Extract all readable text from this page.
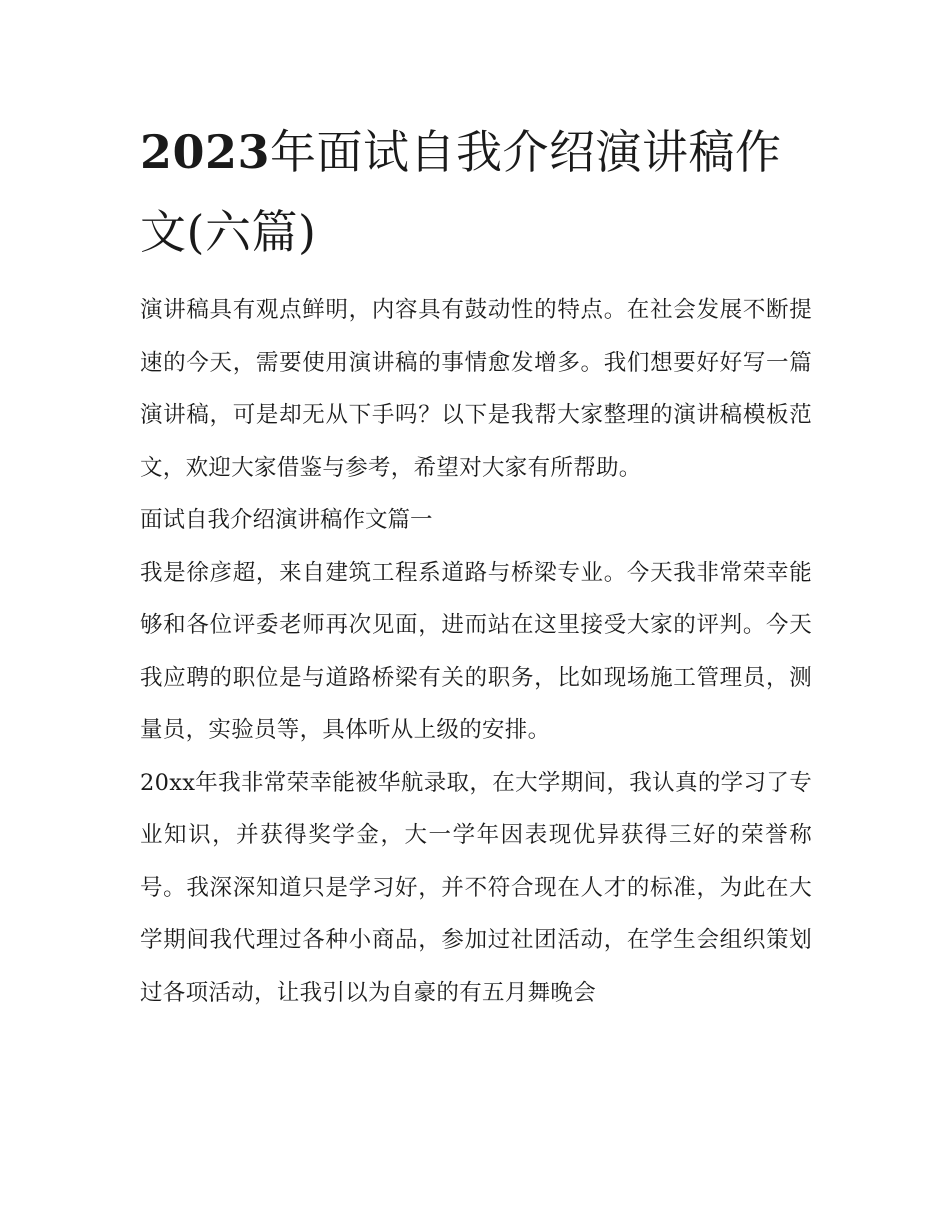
2023年面试自我介绍演讲稿作文(六篇)

演讲稿具有观点鲜明，内容具有鼓动性的特点。在社会发展不断提速的今天，需要使用演讲稿的事情愈发增多。我们想要好好写一篇演讲稿，可是却无从下手吗？以下是我帮大家整理的演讲稿模板范文，欢迎大家借鉴与参考，希望对大家有所帮助。

面试自我介绍演讲稿作文篇一

我是徐彦超，来自建筑工程系道路与桥梁专业。今天我非常荣幸能够和各位评委老师再次见面，进而站在这里接受大家的评判。今天我应聘的职位是与道路桥梁有关的职务，比如现场施工管理员，测量员，实验员等，具体听从上级的安排。

20xx年我非常荣幸能被华航录取，在大学期间，我认真的学习了专业知识，并获得奖学金，大一学年因表现优异获得三好的荣誉称号。我深深知道只是学习好，并不符合现在人才的标准，为此在大学期间我代理过各种小商品，参加过社团活动，在学生会组织策划过各项活动，让我引以为自豪的有五月舞晚会
